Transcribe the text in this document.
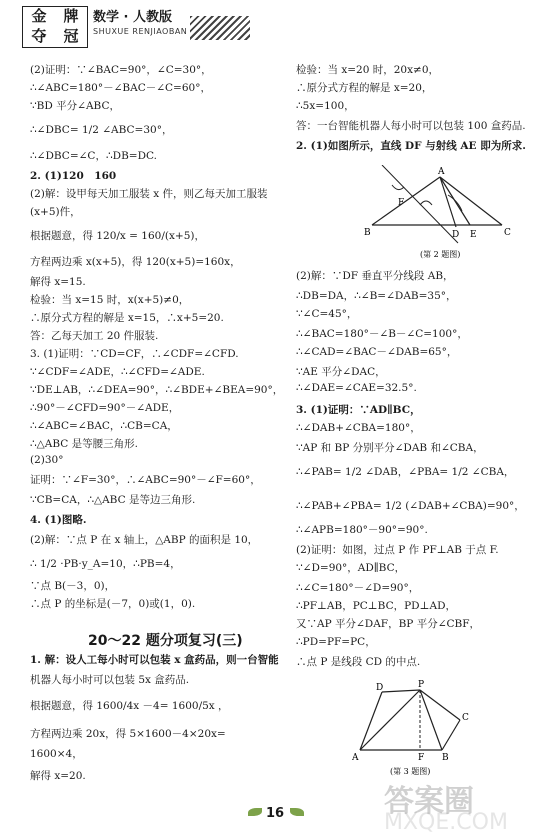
金	牌
夺	冠
数学 · 人教版
SHUXUE RENJIAOBAN
(2)证明：∵∠BAC=90°，∠C=30°，
∴∠ABC=180°－∠BAC－∠C=60°，
∵BD 平分∠ABC，
∴∠DBC= 1/2 ∠ABC=30°，
∴∠DBC=∠C，∴DB=DC.
2. (1)120　160
(2)解：设甲每天加工服装 x 件，则乙每天加工服装
(x+5)件，
根据题意，得 120/x = 160/(x+5)，
方程两边乘 x(x+5)，得 120(x+5)=160x，
解得 x=15.
检验：当 x=15 时，x(x+5)≠0，
∴原分式方程的解是 x=15，∴x+5=20.
答：乙每天加工 20 件服装.
3. (1)证明：∵CD=CF，∴∠CDF=∠CFD.
∵∠CDF=∠ADE，∴∠CFD=∠ADE.
∵DE⊥AB，∴∠DEA=90°，∴∠BDE+∠BEA=90°，
∴90°－∠CFD=90°－∠ADE，
∴∠ABC=∠BAC，∴CB=CA，
∴△ABC 是等腰三角形.
(2)30°
证明：∵∠F=30°，∴∠ABC=90°－∠F=60°，
∵CB=CA，∴△ABC 是等边三角形.
4. (1)图略.
(2)解：∵点 P 在 x 轴上，△ABP 的面积是 10，
∴ 1/2 ·PB·y_A=10，∴PB=4，
∵点 B(－3，0)，
∴点 P 的坐标是(－7，0)或(1，0).
1. 解：设人工每小时可以包装 x 盒药品，则一台智能
机器人每小时可以包装 5x 盒药品.
根据题意，得 1600/4x －4= 1600/5x ，
方程两边乘 20x，得 5×1600－4×20x=
1600×4，
解得 x=20.
20～22 题分项复习(三)
检验：当 x=20 时，20x≠0，
∴原分式方程的解是 x=20，
∴5x=100，
答：一台智能机器人每小时可以包装 100 盒药品.
2. (1)如图所示，直线 DF 与射线 AE 即为所求.
(2)解：∵DF 垂直平分线段 AB，
∴DB=DA，∴∠B=∠DAB=35°，
∵∠C=45°，
∴∠BAC=180°－∠B－∠C=100°，
∴∠CAD=∠BAC－∠DAB=65°，
∵AE 平分∠DAC，
∴∠DAE=∠CAE=32.5°.
3. (1)证明：∵AD∥BC，
∴∠DAB+∠CBA=180°，
∵AP 和 BP 分别平分∠DAB 和∠CBA，
∴∠PAB= 1/2 ∠DAB，∠PBA= 1/2 ∠CBA，
∴∠PAB+∠PBA= 1/2 (∠DAB+∠CBA)=90°，
∴∠APB=180°－90°=90°.
(2)证明：如图，过点 P 作 PF⊥AB 于点 F.
∵∠D=90°，AD∥BC，
∴∠C=180°－∠D=90°，
∴PF⊥AB，PC⊥BC，PD⊥AD，
又∵AP 平分∠DAF，BP 平分∠CBF，
∴PD=PF=PC，
∴点 P 是线段 CD 的中点.
A
B	C
D E
F
(第 2 题图)
D	P
C
A	F B
(第 3 题图)
16	答案圈
MXQE.COM
